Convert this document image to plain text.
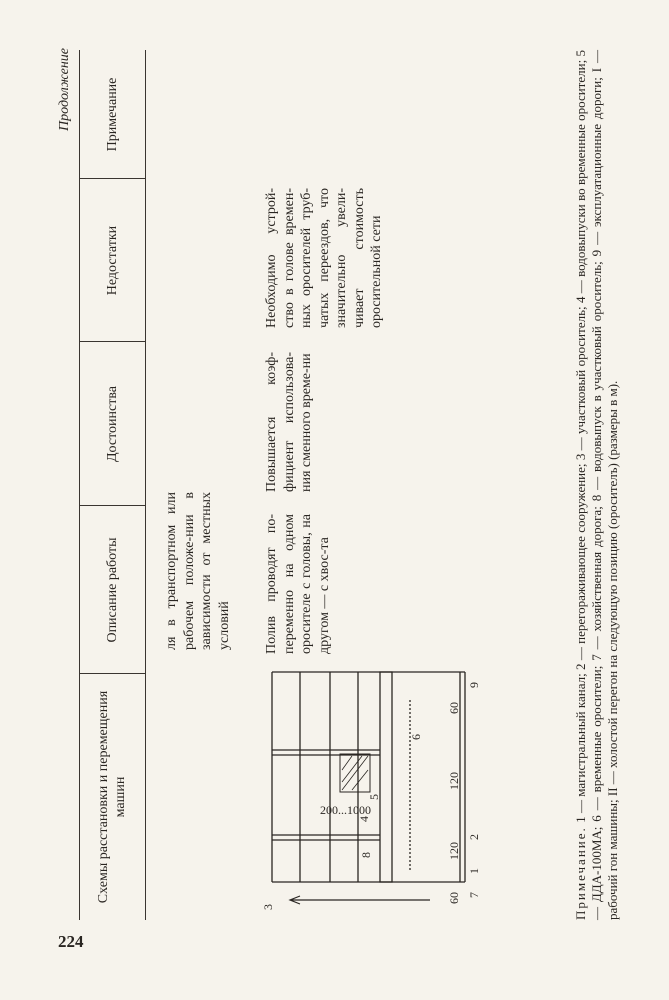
224
Продолжение
Схемы расстановки и перемещения машин
Описание работы
Достоинства
Недостатки
Примечание
ля в транспортном или рабочем положе-нии в зависимости от местных условий Полив проводят по-переменно на одном оросителе с головы, на другом — с хвос-та
Повышается коэф-фициент использова-ния сменного време-ни
Необходимо устрой-ство в голове времен-ных оросителей труб-чатых переездов, что значительно увели-чивает стоимость оросительной сети
200...1000
60
120
120
60
1
2
3
4
5
6
7
8
9
Примечание. 1 — магистральный канал; 2 — перегораживающее сооружение; 3 — участковый ороситель; 4 — водовыпуски во временные оросители; 5 — ДДА-100МА; 6 — временные оросители; 7 — хозяйственная дорога; 8 — водовыпуск в участковый ороситель; 9 — эксплуатационные дороги; I — рабочий гон машины; II — холостой перегон на следующую позицию (оросителъ) (размеры в м).
